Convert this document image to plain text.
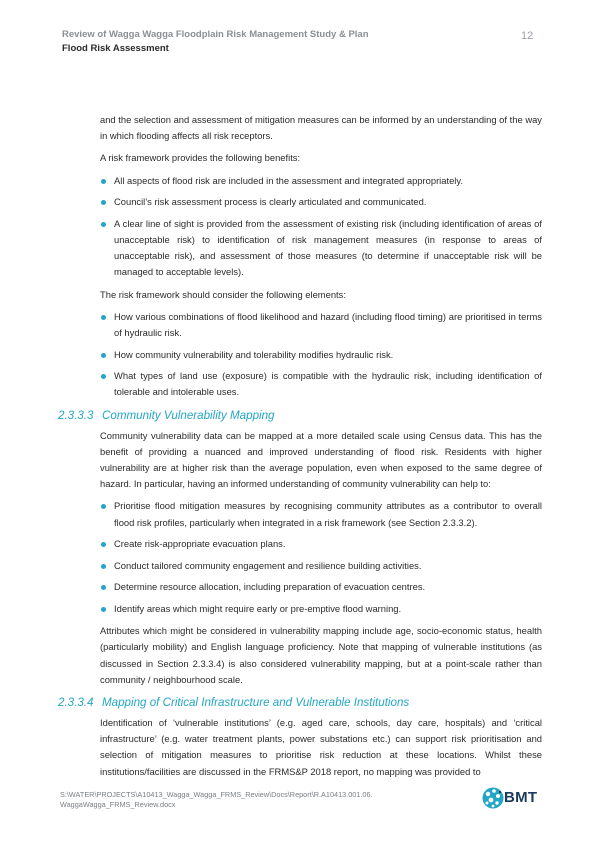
Review of Wagga Wagga Floodplain Risk Management Study & Plan
Flood Risk Assessment
12

and the selection and assessment of mitigation measures can be informed by an understanding of the way in which flooding affects all risk receptors.

A risk framework provides the following benefits:

All aspects of flood risk are included in the assessment and integrated appropriately.
Council’s risk assessment process is clearly articulated and communicated.
A clear line of sight is provided from the assessment of existing risk (including identification of areas of unacceptable risk) to identification of risk management measures (in response to areas of unacceptable risk), and assessment of those measures (to determine if unacceptable risk will be managed to acceptable levels).

The risk framework should consider the following elements:

How various combinations of flood likelihood and hazard (including flood timing) are prioritised in terms of hydraulic risk.
How community vulnerability and tolerability modifies hydraulic risk.
What types of land use (exposure) is compatible with the hydraulic risk, including identification of tolerable and intolerable uses.
2.3.3.3 Community Vulnerability Mapping

Community vulnerability data can be mapped at a more detailed scale using Census data. This has the benefit of providing a nuanced and improved understanding of flood risk. Residents with higher vulnerability are at higher risk than the average population, even when exposed to the same degree of hazard. In particular, having an informed understanding of community vulnerability can help to:

Prioritise flood mitigation measures by recognising community attributes as a contributor to overall flood risk profiles, particularly when integrated in a risk framework (see Section 2.3.3.2).
Create risk-appropriate evacuation plans.
Conduct tailored community engagement and resilience building activities.
Determine resource allocation, including preparation of evacuation centres.
Identify areas which might require early or pre-emptive flood warning.

Attributes which might be considered in vulnerability mapping include age, socio-economic status, health (particularly mobility) and English language proficiency. Note that mapping of vulnerable institutions (as discussed in Section 2.3.3.4) is also considered vulnerability mapping, but at a point-scale rather than community / neighbourhood scale.

2.3.3.4 Mapping of Critical Infrastructure and Vulnerable Institutions

Identification of ‘vulnerable institutions’ (e.g. aged care, schools, day care, hospitals) and ‘critical infrastructure’ (e.g. water treatment plants, power substations etc.) can support risk prioritisation and selection of mitigation measures to prioritise risk reduction at these locations. Whilst these institutions/facilities are discussed in the FRMS&P 2018 report, no mapping was provided to

S:\WATER\PROJECTS\A10413_Wagga_Wagga_FRMS_Review\Docs\Report\R.A10413.001.06.
WaggaWagga_FRMS_Review.docx	BMT
